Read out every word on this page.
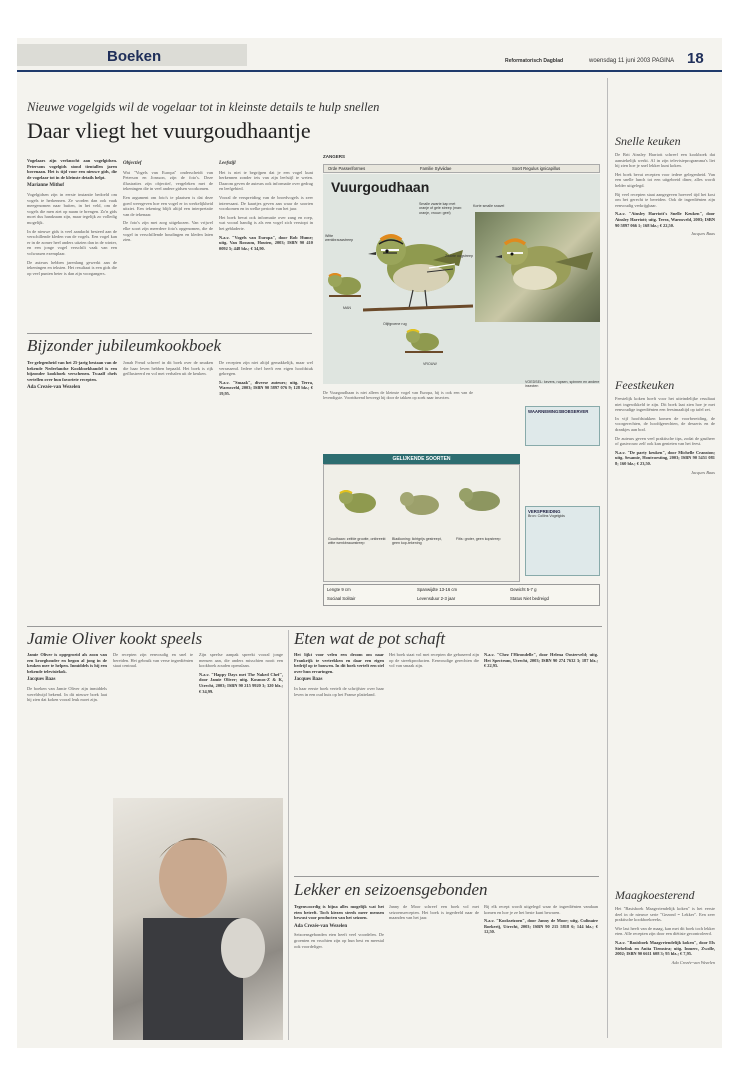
Boeken	Reformatorisch Dagblad	woensdag 11 juni 2003 PAGINA 18
Nieuwe vogelgids wil de vogelaar tot in kleinste details te hulp snellen
Daar vliegt het vuurgoudhaantje

Vogelaars zijn verknocht aan vogelgidsen. Petersons vogelgids stond tientallen jaren bovenaan. Het is tijd voor een nieuwe gids, die de vogelaar tot in de kleinste details helpt.

Marianne Mithof

Vogelgidsen zijn in eerste instantie bedoeld om vogels te herkennen. Ze worden dan ook vaak meegenomen naar buiten, in het veld, om de vogels die men ziet op naam te brengen. Zo'n gids moet dus handzaam zijn, maar tegelijk zo volledig mogelijk.

In de nieuwe gids is veel aandacht besteed aan de verschillende kleden van de vogels. Een vogel kan er in de zomer heel anders uitzien dan in de winter, en een jonge vogel verschilt vaak van een volwassen exemplaar.

De auteurs hebben jarenlang gewerkt aan de tekeningen en teksten. Het resultaat is een gids die op veel punten beter is dan zijn voorgangers.

Objectief

Wat "Vogels van Europa" onderscheidt van Peterson en Jonsson, zijn de foto's. Deze illustraties zijn objectief, vergeleken met de tekeningen die in veel andere gidsen voorkomen.

Een argument om foto's te plaatsen is dat deze goed weergeven hoe een vogel er in werkelijkheid uitziet. Een tekening blijft altijd een interpretatie van de tekenaar.

De foto's zijn met zorg uitgekozen. Van vrijwel elke soort zijn meerdere foto's opgenomen, die de vogel in verschillende houdingen en kleden laten zien.

Leefstijl

Het is niet te begrijpen dat je een vogel kunt herkennen zonder iets van zijn leefstijl te weten. Daarom geven de auteurs ook informatie over gedrag en leefgebied.

Vooral de verspreiding van de broedvogels is zeer interessant. De kaartjes geven aan waar de soorten voorkomen en in welke periode van het jaar.

Het boek bevat ook informatie over zang en roep, wat vooral handig is als een vogel zich verstopt in het gebladerte.

N.a.v. "Vogels van Europa", door Rob Hume; uitg. Van Rossum, Houten, 2003; ISBN 90 410 0092 5; 448 blz.; € 34,90.

ZANGERS
Orde Passeriformes	Familie Sylviidae	Soort Regulus ignicapillus
Vuurgoudhaan
MAN
VROUW
Smalle zwarte kap met oranje of gele streep (man: oranje, vrouw: geel)
Korte smalle snavel
Witte wenkbrauwstreep
Zwarte oogstreep
Olijfgroene rug

De Vuurgoudhaan is niet alleen de kleinste vogel van Europa, hij is ook een van de levendigste. Voortdurend beweegt hij door de takken op zoek naar insecten.

WAARNEMINGSBOBSERVER
VERSPREIDING
Bron: Collins Vogelgids
VOEDSEL: kevers, rupsen, spinnen en andere insecten
GELIJKENDE SOORTEN
Goudhaan: zelfde grootte, ontbreekt witte wenkbrauwstreep
Bladkoning: lichtgrijs gestreept, geen kop-tekening
Fitis: groter, geen kopstreep
Lengte 9 cm	Spanwijdte 13-16 cm	Gewicht 5-7 g
Sociaal Solitair	Levensduur 2-3 jaar	Status Niet bedreigd
Bijzonder jubileumkookboek

Ter gelegenheid van het 25-jarig bestaan van de bekende Nederlandse Kookboekhandel is een bijzonder kookboek verschenen. Twaalf chefs vertellen over hun favoriete recepten.

Ada Crezée-van Wezelen

Jonah Freud schreef in dit boek over de smaken die haar leven hebben bepaald. Het boek is rijk geïllustreerd en vol met verhalen uit de keuken.

De recepten zijn niet altijd gemakkelijk, maar wel verrassend. Iedere chef heeft een eigen hoofdstuk gekregen.

N.a.v. "Smaak", diverse auteurs; uitg. Terra, Warnsveld, 2003; ISBN 90 5897 076 9; 128 blz.; € 19,95.

Snelle keuken

De Brit Ainsley Harriott schreef een kookboek dat aanstekelijk werkt. Al in zijn televisieprogramma's liet hij zien hoe je snel lekker kunt koken.

Het boek bevat recepten voor iedere gelegenheid. Van een snelle lunch tot een uitgebreid diner, alles wordt helder uitgelegd.

Bij veel recepten staat aangegeven hoeveel tijd het kost om het gerecht te bereiden. Ook de ingrediënten zijn eenvoudig verkrijgbaar.

N.a.v. "Ainsley Harriott's Snelle Keuken", door Ainsley Harriott; uitg. Terra, Warnsveld, 2003; ISBN 90 5897 066 1; 168 blz.; € 22,50.

Jacques Baas

Feestkeuken

Feestelijk koken hoeft voor het uiteindelijke resultaat niet ingewikkeld te zijn. Dit boek laat zien hoe je met eenvoudige ingrediënten een feestmaaltijd op tafel zet.

In vijf hoofdstukken komen de voorbereiding, de voorgerechten, de hoofdgerechten, de desserts en de drankjes aan bod.

De auteurs geven veel praktische tips, zodat de gastheer of gastvrouw zelf ook kan genieten van het feest.

N.a.v. "De party keuken", door Michelle Cranston; uitg. Sesamie, Houtvoesting, 2003; ISBN 90 5451 081 8; 160 blz.; € 23,50.

Jacques Baas

Maagkoesterend

Het "Basisboek Maagvriendelijk koken" is het eerste deel in de nieuwe serie "Gezond = Lekker". Een zeer praktische kookboekreeks.

Wie last heeft van de maag, kan met dit boek toch lekker eten. Alle recepten zijn door een diëtiste gecontroleerd.

N.a.v. "Basisboek Maagvriendelijk koken", door Els Siebelink en Anita Tiemstra; uitg. Inmerc, Zwolle, 2002; ISBN 90 6611 608 3; 95 blz.; € 7,95.

Ada Crezée-van Wezelen

Jamie Oliver kookt speels

Jamie Oliver is opgegroeid als zoon van een kroeghouder en begon al jong in de keuken mee te helpen. Inmiddels is hij een bekende televisiekok.

Jacques Baas

De boeken van Jamie Oliver zijn inmiddels wereldwijd bekend. In dit nieuwe boek laat hij zien dat koken vooral leuk moet zijn.

De recepten zijn eenvoudig en snel te bereiden. Het gebruik van verse ingrediënten staat centraal.

Zijn speelse aanpak spreekt vooral jonge mensen aan, die anders misschien nooit een kookboek zouden openslaan.

N.a.v. "Happy Days met The Naked Chef", door Jamie Oliver; uitg. Kosmos-Z & K, Utrecht, 2003; ISBN 90 215 9920 3; 320 blz.; € 34,99.

Eten wat de pot schaft

Het lijkt voor velen een droom om naar Frankrijk te vertrekken en daar een eigen bedrijf op te bouwen. In dit boek vertelt een stel over hun ervaringen.

Jacques Baas

In haar eerste boek vertelt de schrijfster over haar leven in een oud huis op het Franse platteland.

Het boek staat vol met recepten die gebaseerd zijn op de streekproducten. Eenvoudige gerechten die vol van smaak zijn.

N.a.v. "Chez l'Hirondelle", door Helena Oosterveld; uitg. Het Spectrum, Utrecht, 2003; ISBN 90 274 7632 3; 187 blz.; € 22,95.

Lekker en seizoensgebonden

Tegenwoordig is bijna alles mogelijk wat het eten betreft. Toch kiezen steeds meer mensen bewust voor producten van het seizoen.

Ada Crezée-van Wezelen

Seizoensgebonden eten heeft veel voordelen. De groenten en vruchten zijn op hun best en meestal ook voordeliger.

Janny de Moor schreef een boek vol met seizoensrecepten. Het boek is ingedeeld naar de maanden van het jaar.

Bij elk recept wordt uitgelegd waar de ingrediënten vandaan komen en hoe je ze het beste kunt bewaren.

N.a.v. "Kookseizoen", door Janny de Moor; uitg. Culinaire Boekerij, Utrecht, 2003; ISBN 90 215 5818 6; 144 blz.; € 12,50.
